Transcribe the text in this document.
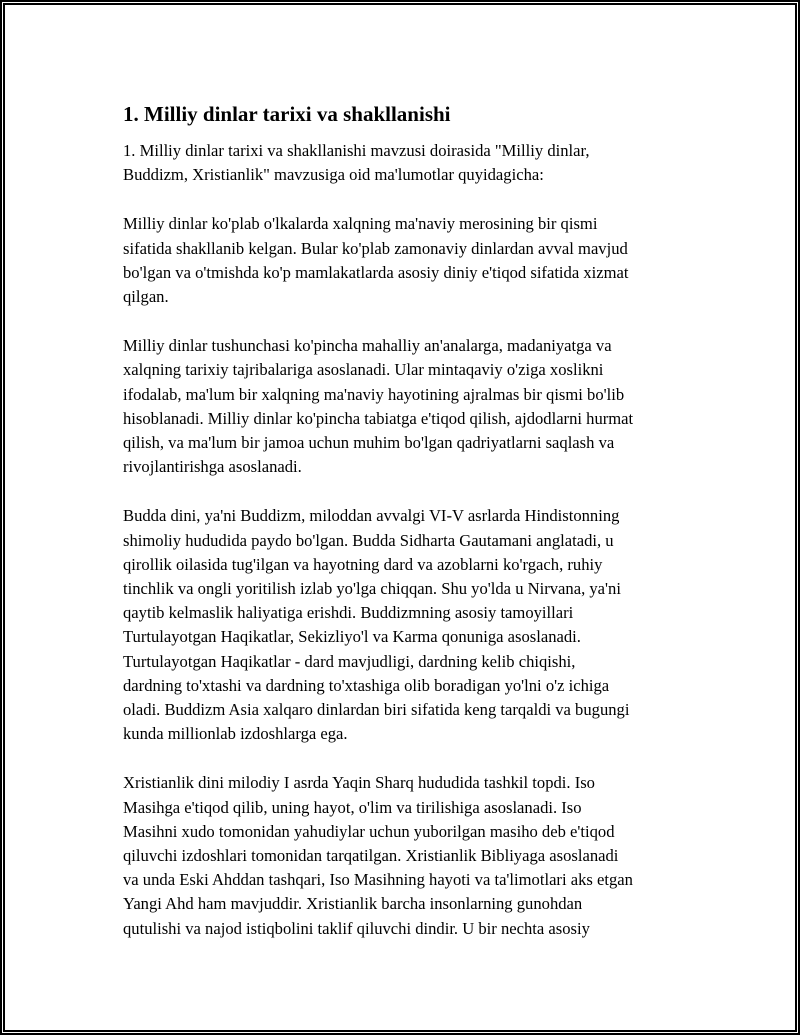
1. Milliy dinlar tarixi va shakllanishi

1. Milliy dinlar tarixi va shakllanishi mavzusi doirasida "Milliy dinlar,
Buddizm, Xristianlik" mavzusiga oid ma'lumotlar quyidagicha:

Milliy dinlar ko'plab o'lkalarda xalqning ma'naviy merosining bir qismi
sifatida shakllanib kelgan. Bular ko'plab zamonaviy dinlardan avval mavjud
bo'lgan va o'tmishda ko'p mamlakatlarda asosiy diniy e'tiqod sifatida xizmat
qilgan.

Milliy dinlar tushunchasi ko'pincha mahalliy an'analarga, madaniyatga va
xalqning tarixiy tajribalariga asoslanadi. Ular mintaqaviy o'ziga xoslikni
ifodalab, ma'lum bir xalqning ma'naviy hayotining ajralmas bir qismi bo'lib
hisoblanadi. Milliy dinlar ko'pincha tabiatga e'tiqod qilish, ajdodlarni hurmat
qilish, va ma'lum bir jamoa uchun muhim bo'lgan qadriyatlarni saqlash va
rivojlantirishga asoslanadi.

Budda dini, ya'ni Buddizm, miloddan avvalgi VI-V asrlarda Hindistonning
shimoliy hududida paydo bo'lgan. Budda Sidharta Gautamani anglatadi, u
qirollik oilasida tug'ilgan va hayotning dard va azoblarni ko'rgach, ruhiy
tinchlik va ongli yoritilish izlab yo'lga chiqqan. Shu yo'lda u Nirvana, ya'ni
qaytib kelmaslik haliyatiga erishdi. Buddizmning asosiy tamoyillari
Turtulayotgan Haqikatlar, Sekizliyo'l va Karma qonuniga asoslanadi.
Turtulayotgan Haqikatlar - dard mavjudligi, dardning kelib chiqishi,
dardning to'xtashi va dardning to'xtashiga olib boradigan yo'lni o'z ichiga
oladi. Buddizm Asia xalqaro dinlardan biri sifatida keng tarqaldi va bugungi
kunda millionlab izdoshlarga ega.

Xristianlik dini milodiy I asrda Yaqin Sharq hududida tashkil topdi. Iso
Masihga e'tiqod qilib, uning hayot, o'lim va tirilishiga asoslanadi. Iso
Masihni xudo tomonidan yahudiylar uchun yuborilgan masiho deb e'tiqod
qiluvchi izdoshlari tomonidan tarqatilgan. Xristianlik Bibliyaga asoslanadi
va unda Eski Ahddan tashqari, Iso Masihning hayoti va ta'limotlari aks etgan
Yangi Ahd ham mavjuddir. Xristianlik barcha insonlarning gunohdan
qutulishi va najod istiqbolini taklif qiluvchi dindir. U bir nechta asosiy
